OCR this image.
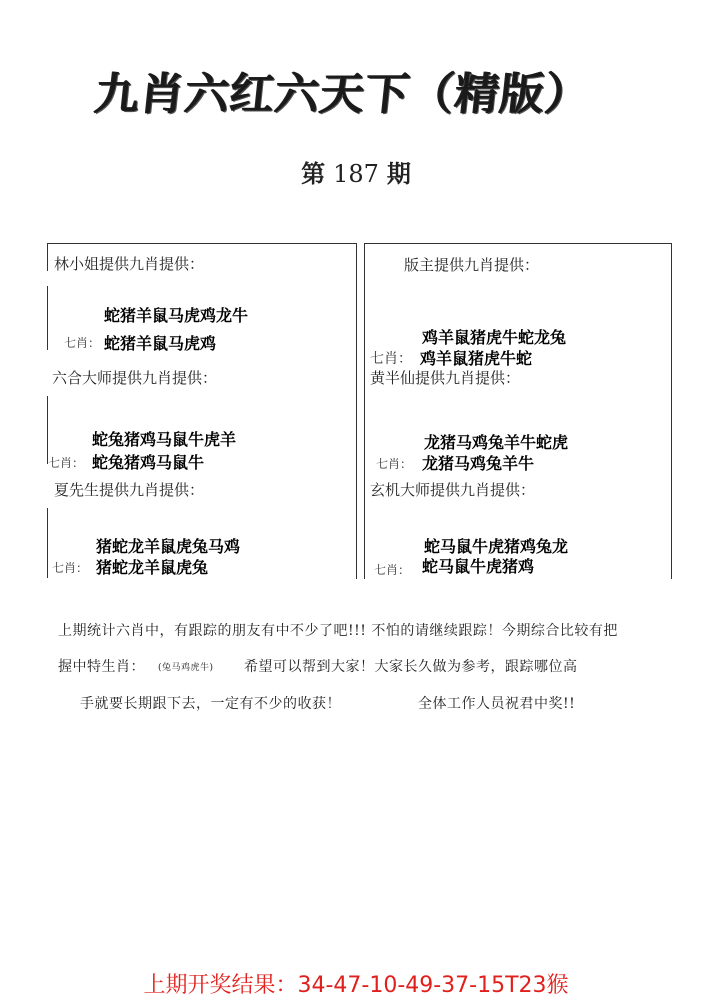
九肖六红六天下（精版）
第 187 期
林小姐提供九肖提供：
蛇猪羊鼠马虎鸡龙牛
七肖： 蛇猪羊鼠马虎鸡
六合大师提供九肖提供：
蛇兔猪鸡马鼠牛虎羊
七肖： 蛇兔猪鸡马鼠牛
夏先生提供九肖提供：
猪蛇龙羊鼠虎兔马鸡
七肖： 猪蛇龙羊鼠虎兔
版主提供九肖提供：
鸡羊鼠猪虎牛蛇龙兔
七肖： 鸡羊鼠猪虎牛蛇
黄半仙提供九肖提供：
龙猪马鸡兔羊牛蛇虎
七肖： 龙猪马鸡兔羊牛
玄机大师提供九肖提供：
蛇马鼠牛虎猪鸡兔龙
七肖： 蛇马鼠牛虎猪鸡
上期统计六肖中，有跟踪的朋友有中不少了吧!!! 不怕的请继续跟踪！今期综合比较有把
握中特生肖： (兔马鸡虎牛) 希望可以帮到大家！大家长久做为参考，跟踪哪位高
手就要长期跟下去，一定有不少的收获！	全体工作人员祝君中奖!!
上期开奖结果：34-47-10-49-37-15T23猴
